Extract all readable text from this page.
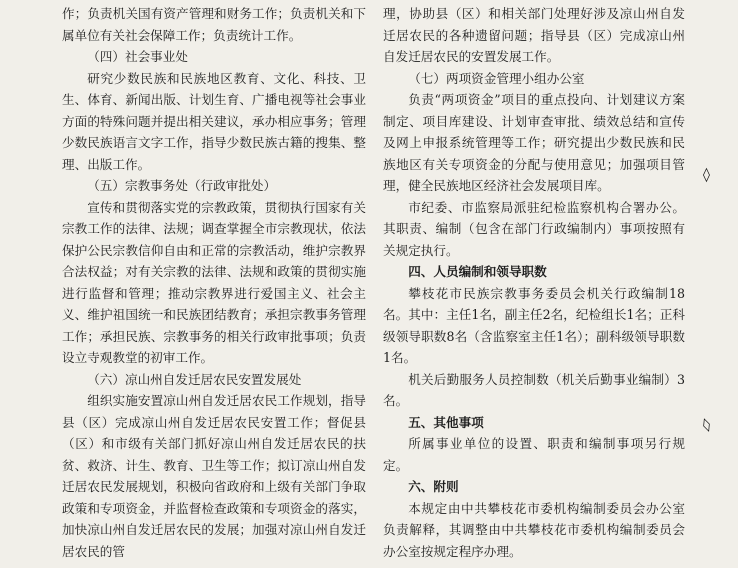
作；负责机关国有资产管理和财务工作；负责机关和下属单位有关社会保障工作；负责统计工作。

（四）社会事业处

研究少数民族和民族地区教育、文化、科技、卫生、体育、新闻出版、计划生育、广播电视等社会事业方面的特殊问题并提出相关建议，承办相应事务；管理少数民族语言文字工作，指导少数民族古籍的搜集、整理、出版工作。

（五）宗教事务处（行政审批处）

宣传和贯彻落实党的宗教政策，贯彻执行国家有关宗教工作的法律、法规；调查掌握全市宗教现状，依法保护公民宗教信仰自由和正常的宗教活动，维护宗教界合法权益；对有关宗教的法律、法规和政策的贯彻实施进行监督和管理；推动宗教界进行爱国主义、社会主义、维护祖国统一和民族团结教育；承担宗教事务管理工作；承担民族、宗教事务的相关行政审批事项；负责设立寺观教堂的初审工作。

（六）凉山州自发迁居农民安置发展处

组织实施安置凉山州自发迁居农民工作规划，指导县（区）完成凉山州自发迁居农民安置工作；督促县（区）和市级有关部门抓好凉山州自发迁居农民的扶贫、救济、计生、教育、卫生等工作；拟订凉山州自发迁居农民发展规划，积极向省政府和上级有关部门争取政策和专项资金，并监督检查政策和专项资金的落实，加快凉山州自发迁居农民的发展；加强对凉山州自发迁居农民的管

理，协助县（区）和相关部门处理好涉及凉山州自发迁居农民的各种遗留问题；指导县（区）完成凉山州自发迁居农民的安置发展工作。

（七）两项资金管理小组办公室

负责“两项资金”项目的重点投向、计划建议方案制定、项目库建设、计划审查审批、绩效总结和宣传及网上申报系统管理等工作；研究提出少数民族和民族地区有关专项资金的分配与使用意见；加强项目管理，健全民族地区经济社会发展项目库。

市纪委、市监察局派驻纪检监察机构合署办公。其职责、编制（包含在部门行政编制内）事项按照有关规定执行。

四、人员编制和领导职数

攀枝花市民族宗教事务委员会机关行政编制18名。其中：主任1名，副主任2名，纪检组长1名；正科级领导职数8名（含监察室主任1名）；副科级领导职数1名。

机关后勤服务人员控制数（机关后勤事业编制）3名。

五、其他事项

所属事业单位的设置、职责和编制事项另行规定。

六、附则

本规定由中共攀枝花市委机构编制委员会办公室负责解释，其调整由中共攀枝花市委机构编制委员会办公室按规定程序办理。

◊
◊
